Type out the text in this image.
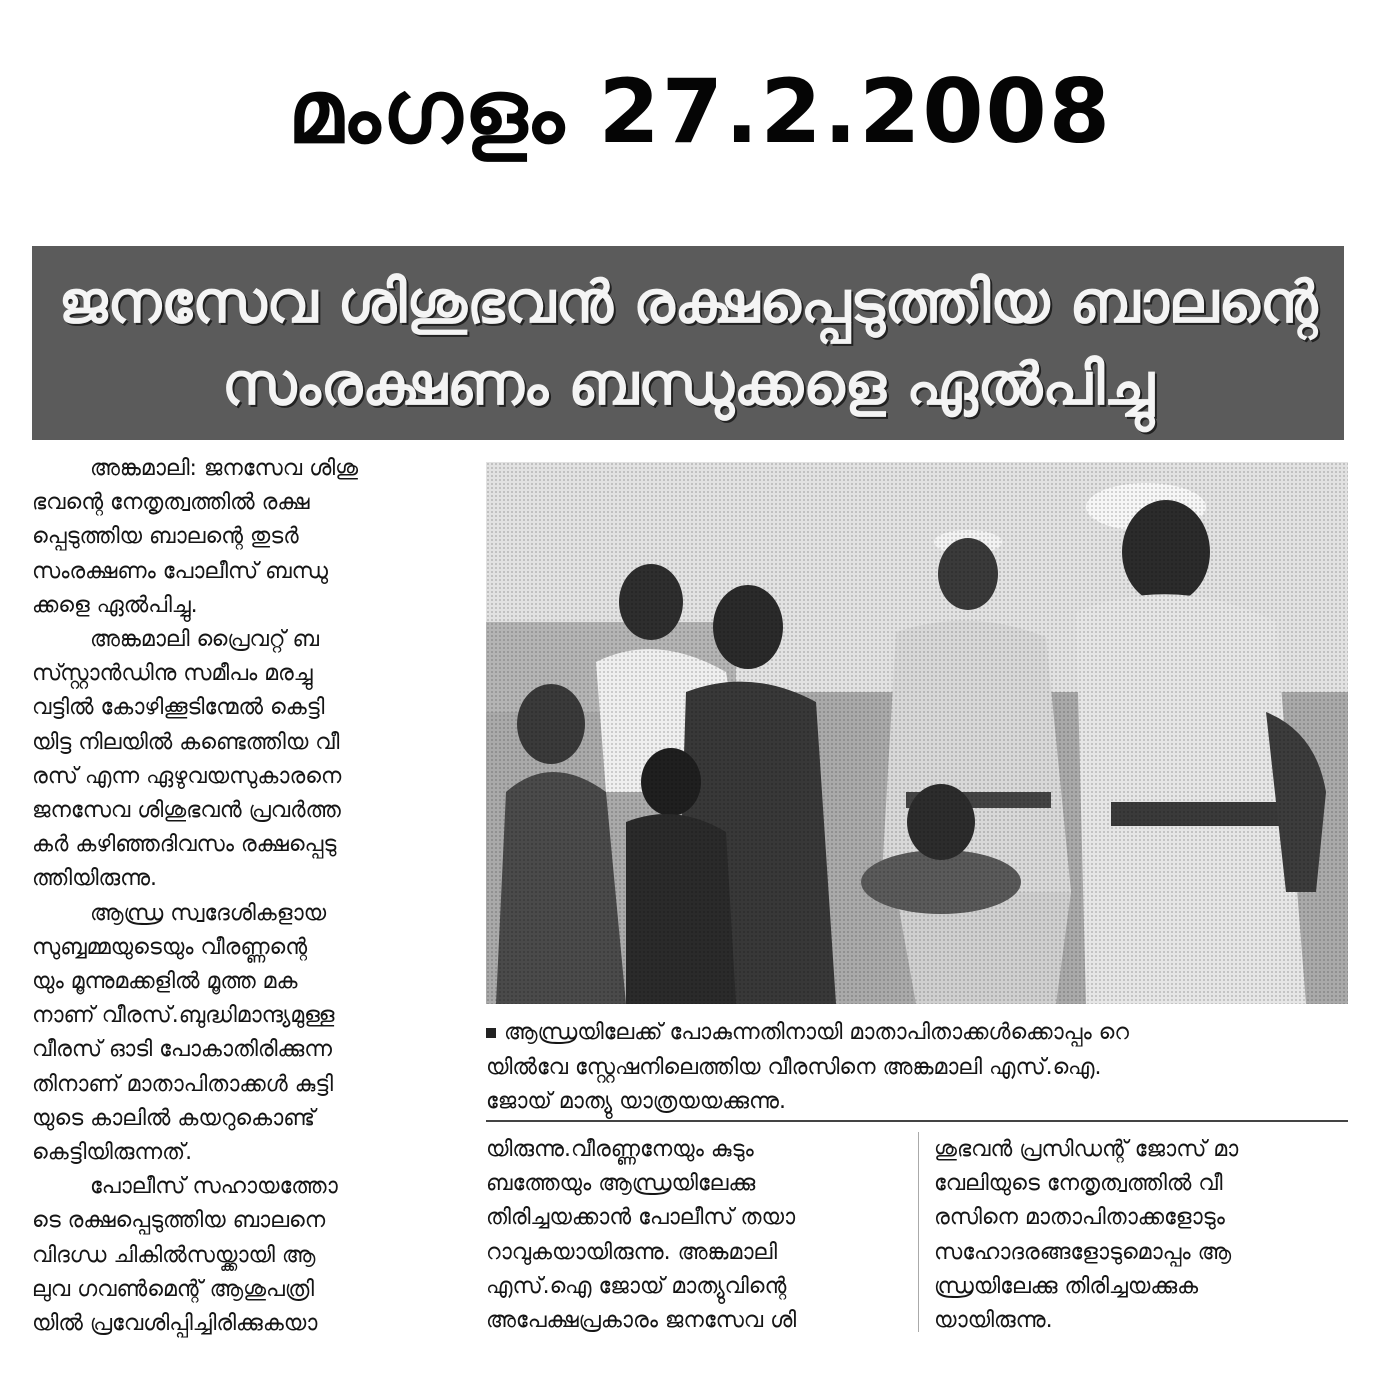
മംഗളം 27.2.2008
ജനസേവ ശിശുഭവൻ രക്ഷപ്പെടുത്തിയ ബാലന്റെ
സംരക്ഷണം ബന്ധുക്കളെ ഏൽപിച്ചു

അങ്കമാലി: ജനസേവ ശിശു

ഭവന്റെ നേതൃത്വത്തിൽ രക്ഷ

പ്പെടുത്തിയ ബാലന്റെ തുടർ

സംരക്ഷണം പോലീസ് ബന്ധു

ക്കളെ ഏൽപിച്ചു.

അങ്കമാലി പ്രൈവറ്റ് ബ

സ്സ്റ്റാൻഡിനു സമീപം മരച്ചു

വട്ടിൽ കോഴിക്കൂടിന്മേൽ കെട്ടി

യിട്ട നിലയിൽ കണ്ടെത്തിയ വീ

രസ് എന്ന ഏഴുവയസുകാരനെ

ജനസേവ ശിശുഭവൻ പ്രവർത്ത

കർ കഴിഞ്ഞദിവസം രക്ഷപ്പെടു

ത്തിയിരുന്നു.

ആന്ധ്ര സ്വദേശികളായ

സുബ്ബമ്മയുടെയും വീരണ്ണന്റെ

യും മൂന്നുമക്കളിൽ മൂത്ത മക

നാണ് വീരസ്.ബുദ്ധിമാന്ദ്യമുള്ള

വീരസ് ഓടി പോകാതിരിക്കുന്ന

തിനാണ് മാതാപിതാക്കൾ കുട്ടി

യുടെ കാലിൽ കയറുകൊണ്ട്

കെട്ടിയിരുന്നത്.

പോലീസ് സഹായത്തോ

ടെ രക്ഷപ്പെടുത്തിയ ബാലനെ

വിദഗ്ധ ചികിൽസയ്ക്കായി ആ

ലുവ ഗവൺമെന്റ് ആശുപത്രി

യിൽ പ്രവേശിപ്പിച്ചിരിക്കുകയാ

ആന്ധ്രയിലേക്ക് പോകുന്നതിനായി മാതാപിതാക്കൾക്കൊപ്പം റെ

യിൽവേ സ്റ്റേഷനിലെത്തിയ വീരസിനെ അങ്കമാലി എസ്.ഐ.

ജോയ് മാത്യു യാത്രയയക്കുന്നു.

യിരുന്നു.വീരണ്ണനേയും കുടും

ബത്തേയും ആന്ധ്രയിലേക്കു

തിരിച്ചയക്കാൻ പോലീസ് തയാ

റാവുകയായിരുന്നു. അങ്കമാലി

എസ്.ഐ ജോയ് മാത്യുവിന്റെ

അപേക്ഷപ്രകാരം ജനസേവ ശി

ശുഭവൻ പ്രസിഡന്റ് ജോസ് മാ

വേലിയുടെ നേതൃത്വത്തിൽ വീ

രസിനെ മാതാപിതാക്കളോടും

സഹോദരങ്ങളോടുമൊപ്പം ആ

ന്ധ്രയിലേക്കു തിരിച്ചയക്കുക

യായിരുന്നു.
